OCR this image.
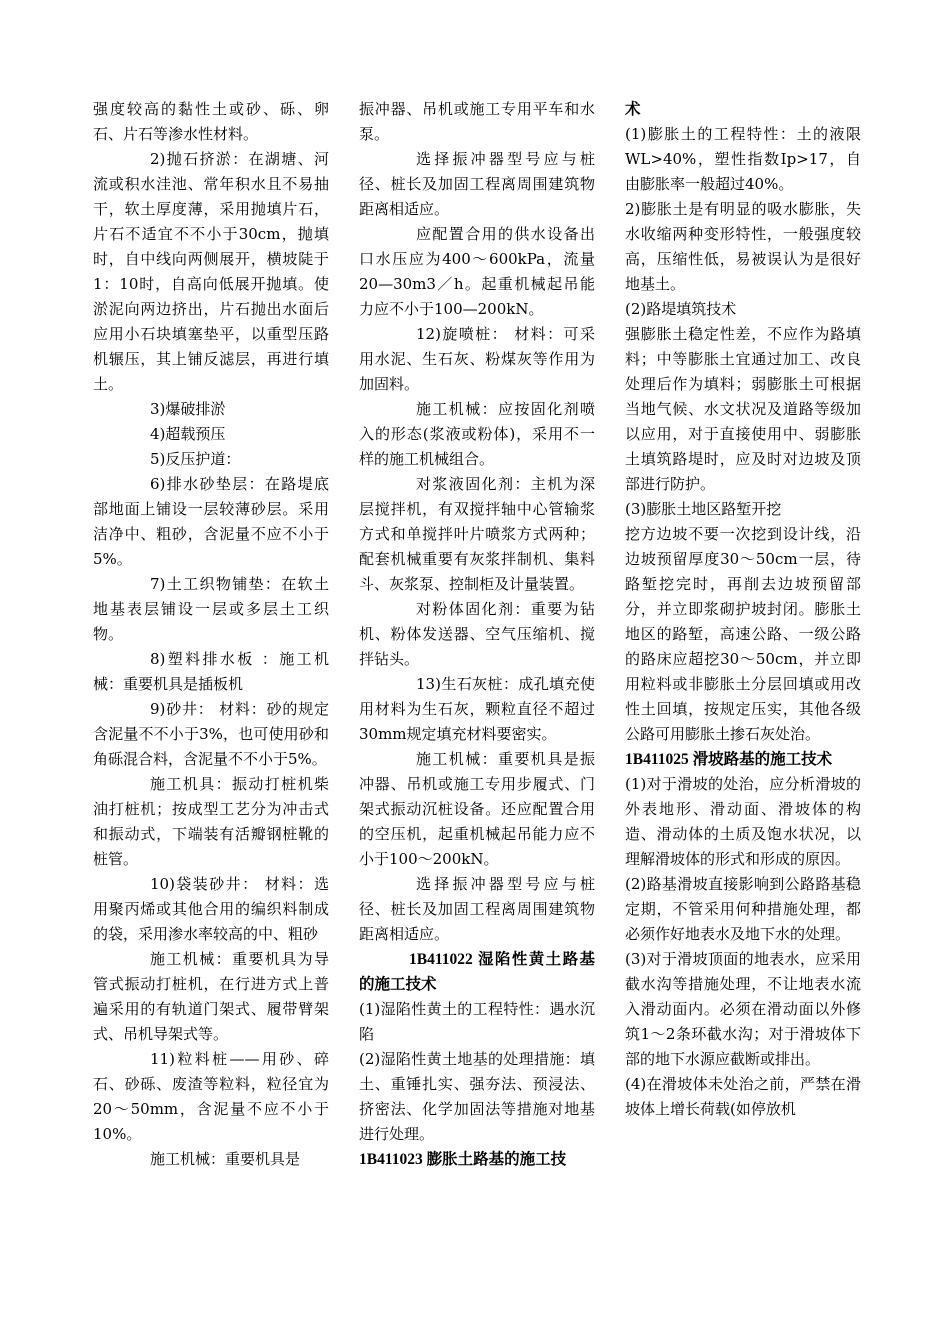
强度较高的黏性土或砂、砾、卵石、片石等渗水性材料。

2)抛石挤淤：在湖塘、河流或积水洼池、常年积水且不易抽干，软土厚度薄，采用抛填片石，片石不适宜不不小于30cm，抛填时，自中线向两侧展开，横坡陡于1：10时，自高向低展开抛填。使淤泥向两边挤出，片石抛出水面后应用小石块填塞垫平，以重型压路机辗压，其上铺反滤层，再进行填土。

3)爆破排淤

4)超载预压

5)反压护道：

6)排水砂垫层：在路堤底部地面上铺设一层较薄砂层。采用洁净中、粗砂，含泥量不应不小于5%。

7)土工织物铺垫：在软土地基表层铺设一层或多层土工织物。

8)塑料排水板 ：施工机械：重要机具是插板机

9)砂井： 材料：砂的规定含泥量不不小于3%，也可使用砂和角砾混合料，含泥量不不小于5%。

施工机具：振动打桩机柴油打桩机；按成型工艺分为冲击式和振动式，下端装有活瓣钢桩靴的桩管。

10)袋装砂井： 材料：选用聚丙烯或其他合用的编织料制成的袋，采用渗水率较高的中、粗砂

施工机械：重要机具为导管式振动打桩机，在行进方式上普遍采用的有轨道门架式、履带臂架式、吊机导架式等。

11)粒料桩——用砂、碎石、砂砾、废渣等粒料，粒径宜为20～50mm，含泥量不应不小于10%。

施工机械：重要机具是

振冲器、吊机或施工专用平车和水泵。

选择振冲器型号应与桩径、桩长及加固工程离周围建筑物距离相适应。

应配置合用的供水设备出口水压应为400～600kPa，流量20—30m3／h。起重机械起吊能力应不小于100—200kN。

12)旋喷桩： 材料：可采用水泥、生石灰、粉煤灰等作用为加固料。

施工机械：应按固化剂喷入的形态(浆液或粉体)，采用不一样的施工机械组合。

对浆液固化剂：主机为深层搅拌机，有双搅拌轴中心管输浆方式和单搅拌叶片喷浆方式两种；配套机械重要有灰浆拌制机、集料斗、灰浆泵、控制柜及计量装置。

对粉体固化剂：重要为钻机、粉体发送器、空气压缩机、搅拌钻头。

13)生石灰桩：成孔填充使用材料为生石灰，颗粒直径不超过30mm规定填充材料要密实。

施工机械：重要机具是振冲器、吊机或施工专用步履式、门架式振动沉桩设备。还应配置合用的空压机，起重机械起吊能力应不小于100～200kN。

选择振冲器型号应与桩径、桩长及加固工程离周围建筑物距离相适应。

1B411022 湿陷性黄土路基的施工技术

(1)湿陷性黄土的工程特性：遇水沉陷

(2)湿陷性黄土地基的处理措施：填土、重锤扎实、强夯法、预浸法、挤密法、化学加固法等措施对地基进行处理。

1B411023 膨胀土路基的施工技

术

(1)膨胀土的工程特性：土的液限WL>40%，塑性指数Ip>17，自由膨胀率一般超过40%。

2)膨胀土是有明显的吸水膨胀，失水收缩两种变形特性，一般强度较高，压缩性低，易被误认为是很好地基土。

(2)路堤填筑技术

强膨胀土稳定性差，不应作为路填料；中等膨胀土宜通过加工、改良处理后作为填料；弱膨胀土可根据当地气候、水文状况及道路等级加以应用，对于直接使用中、弱膨胀土填筑路堤时，应及时对边坡及顶部进行防护。

(3)膨胀土地区路堑开挖

挖方边坡不要一次挖到设计线，沿边坡预留厚度30～50cm一层，待路堑挖完时，再削去边坡预留部分，并立即浆砌护坡封闭。膨胀土地区的路堑，高速公路、一级公路的路床应超挖30～50cm，并立即用粒料或非膨胀土分层回填或用改性土回填，按规定压实，其他各级公路可用膨胀土掺石灰处治。

1B411025 滑坡路基的施工技术

(1)对于滑坡的处治，应分析滑坡的外表地形、滑动面、滑坡体的构造、滑动体的土质及饱水状况，以理解滑坡体的形式和形成的原因。

(2)路基滑坡直接影响到公路路基稳定期，不管采用何种措施处理，都必须作好地表水及地下水的处理。

(3)对于滑坡顶面的地表水，应采用截水沟等措施处理，不让地表水流入滑动面内。必须在滑动面以外修筑1～2条环截水沟；对于滑坡体下部的地下水源应截断或排出。

(4)在滑坡体未处治之前，严禁在滑坡体上增长荷载(如停放机
